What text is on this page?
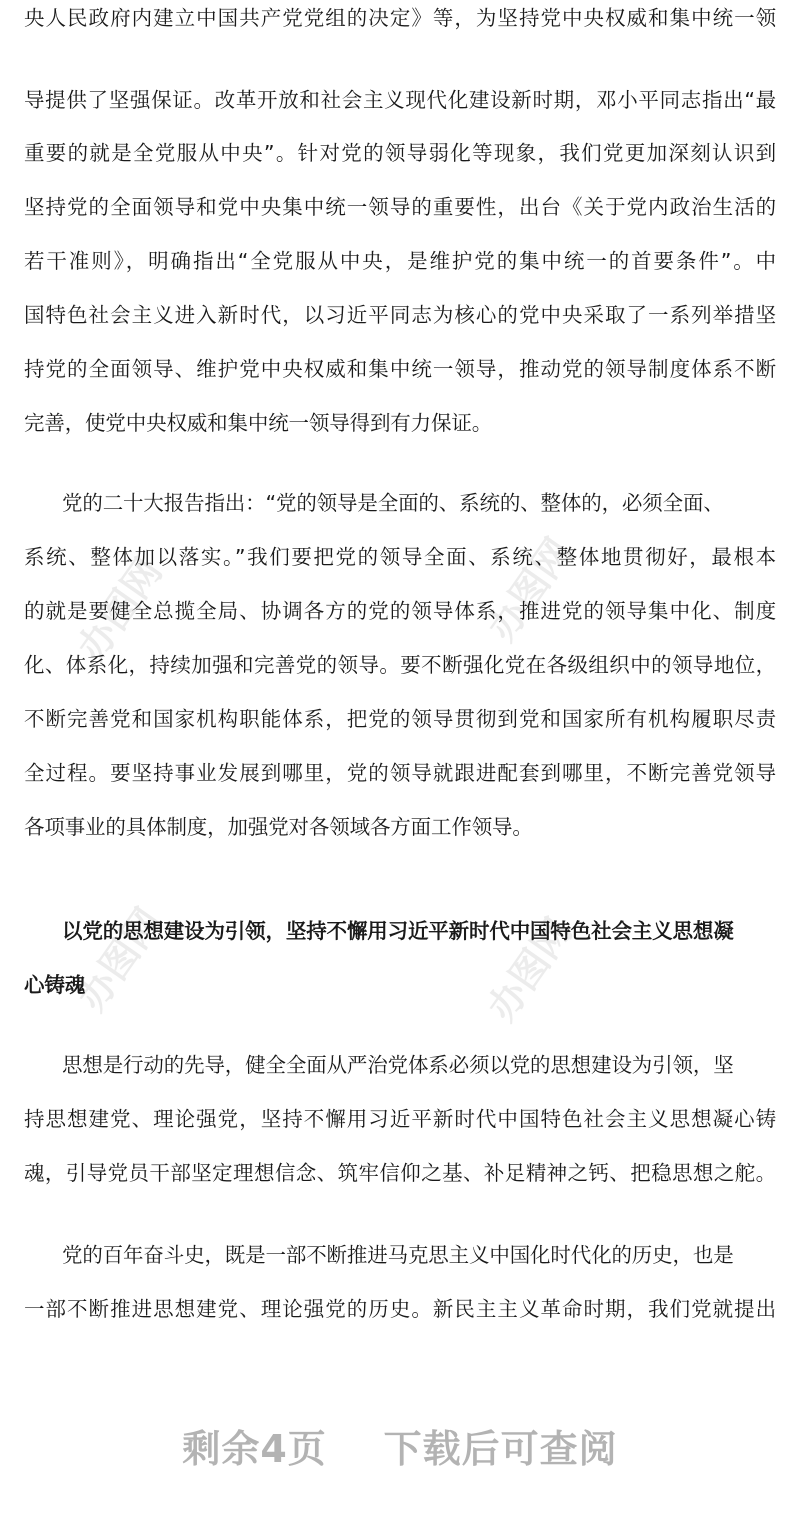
办图网	办图网
办图网	办图网
央人民政府内建立中国共产党党组的决定》等，为坚持党中央权威和集中统一领
导提供了坚强保证。改革开放和社会主义现代化建设新时期，邓小平同志指出“最
重要的就是全党服从中央”。针对党的领导弱化等现象，我们党更加深刻认识到
坚持党的全面领导和党中央集中统一领导的重要性，出台《关于党内政治生活的
若干准则》，明确指出“全党服从中央，是维护党的集中统一的首要条件”。中
国特色社会主义进入新时代，以习近平同志为核心的党中央采取了一系列举措坚
持党的全面领导、维护党中央权威和集中统一领导，推动党的领导制度体系不断
完善，使党中央权威和集中统一领导得到有力保证。
党的二十大报告指出：“党的领导是全面的、系统的、整体的，必须全面、
系统、整体加以落实。”我们要把党的领导全面、系统、整体地贯彻好，最根本
的就是要健全总揽全局、协调各方的党的领导体系，推进党的领导集中化、制度
化、体系化，持续加强和完善党的领导。要不断强化党在各级组织中的领导地位，
不断完善党和国家机构职能体系，把党的领导贯彻到党和国家所有机构履职尽责
全过程。要坚持事业发展到哪里，党的领导就跟进配套到哪里，不断完善党领导
各项事业的具体制度，加强党对各领域各方面工作领导。
以党的思想建设为引领，坚持不懈用习近平新时代中国特色社会主义思想凝
心铸魂
思想是行动的先导，健全全面从严治党体系必须以党的思想建设为引领，坚
持思想建党、理论强党，坚持不懈用习近平新时代中国特色社会主义思想凝心铸
魂，引导党员干部坚定理想信念、筑牢信仰之基、补足精神之钙、把稳思想之舵。
党的百年奋斗史，既是一部不断推进马克思主义中国化时代化的历史，也是
一部不断推进思想建党、理论强党的历史。新民主主义革命时期，我们党就提出
剩余4页    下载后可查阅
